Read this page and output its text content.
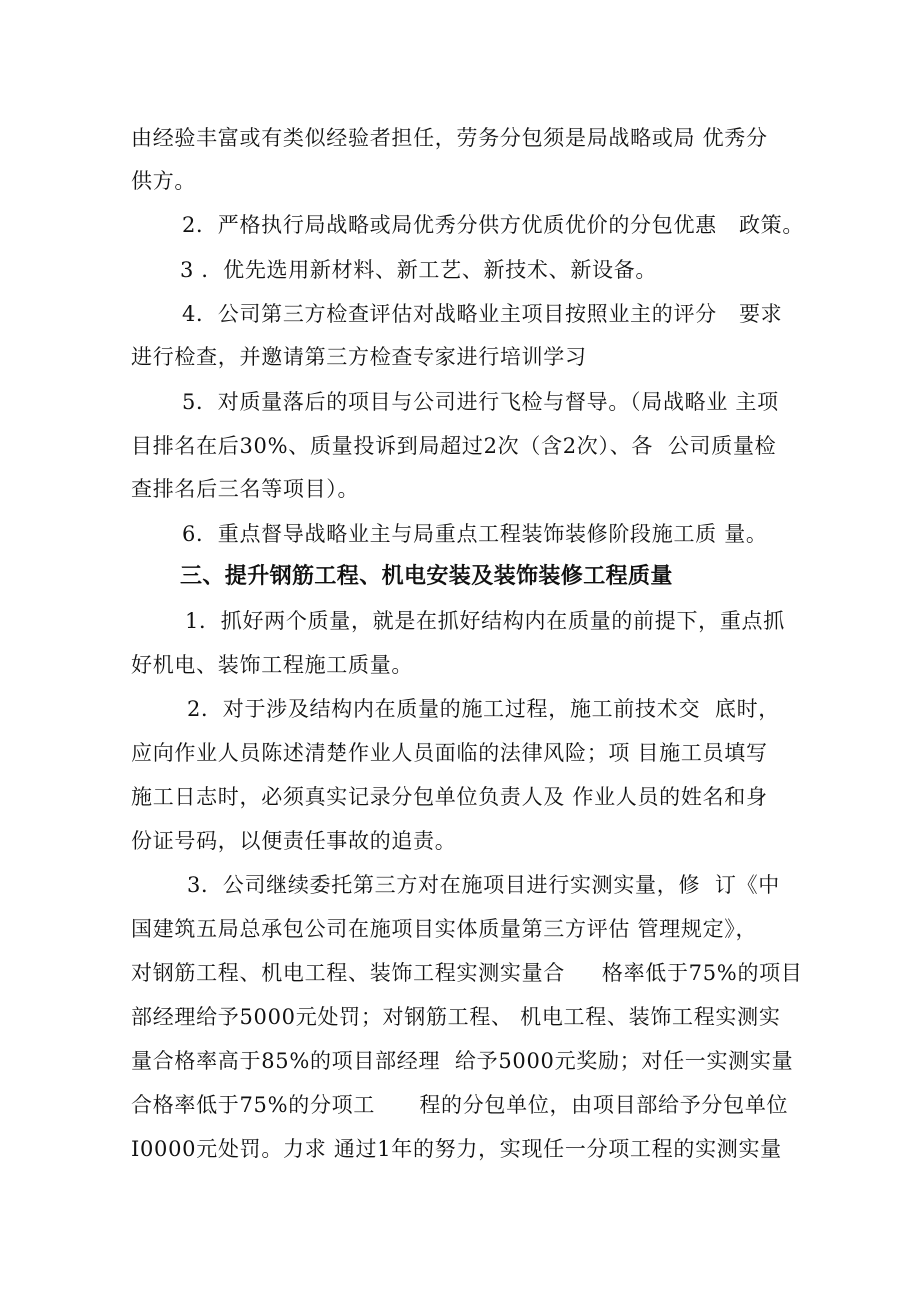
由经验丰富或有类似经验者担任，劳务分包须是局战略或局 优秀分
供方。
2．严格执行局战略或局优秀分供方优质优价的分包优惠   政策。
3 ．优先选用新材料、新工艺、新技术、新设备。
4．公司第三方检查评估对战略业主项目按照业主的评分   要求
进行检查，并邀请第三方检查专家进行培训学习
5．对质量落后的项目与公司进行飞检与督导。（局战略业 主项
目排名在后30%、质量投诉到局超过2次（含2次）、各  公司质量检
查排名后三名等项目）。
6．重点督导战略业主与局重点工程装饰装修阶段施工质 量。
三、提升钢筋工程、机电安装及装饰装修工程质量
1．抓好两个质量，就是在抓好结构内在质量的前提下，重点抓
好机电、装饰工程施工质量。
2．对于涉及结构内在质量的施工过程，施工前技术交  底时，
应向作业人员陈述清楚作业人员面临的法律风险；项 目施工员填写
施工日志时，必须真实记录分包单位负责人及 作业人员的姓名和身
份证号码，以便责任事故的追责。
3．公司继续委托第三方对在施项目进行实测实量，修  订《中
国建筑五局总承包公司在施项目实体质量第三方评估 管理规定》，
对钢筋工程、机电工程、装饰工程实测实量合     格率低于75%的项目
部经理给予5000元处罚；对钢筋工程、 机电工程、装饰工程实测实
量合格率高于85%的项目部经理  给予5000元奖励；对任一实测实量
合格率低于75%的分项工      程的分包单位，由项目部给予分包单位
I0000元处罚。力求 通过1年的努力，实现任一分项工程的实测实量
